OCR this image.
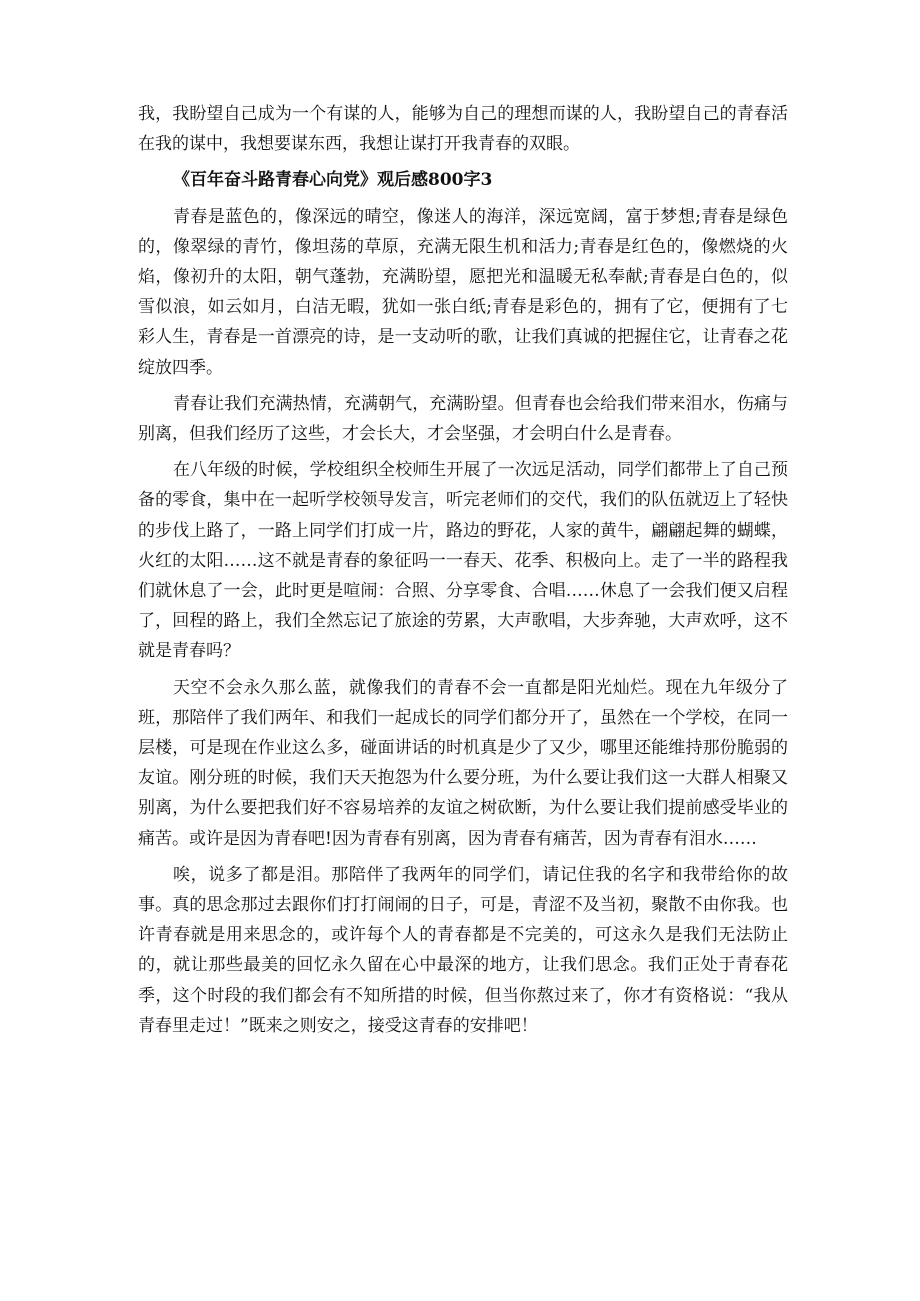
我，我盼望自己成为一个有谋的人，能够为自己的理想而谋的人，我盼望自己的青春活在我的谋中，我想要谋东西，我想让谋打开我青春的双眼。

《百年奋斗路青春心向党》观后感800字3

青春是蓝色的，像深远的晴空，像迷人的海洋，深远宽阔，富于梦想;青春是绿色的，像翠绿的青竹，像坦荡的草原，充满无限生机和活力;青春是红色的，像燃烧的火焰，像初升的太阳，朝气蓬勃，充满盼望，愿把光和温暖无私奉献;青春是白色的，似雪似浪，如云如月，白洁无暇，犹如一张白纸;青春是彩色的，拥有了它，便拥有了七彩人生，青春是一首漂亮的诗，是一支动听的歌，让我们真诚的把握住它，让青春之花绽放四季。

青春让我们充满热情，充满朝气，充满盼望。但青春也会给我们带来泪水，伤痛与别离，但我们经历了这些，才会长大，才会坚强，才会明白什么是青春。

在八年级的时候，学校组织全校师生开展了一次远足活动，同学们都带上了自己预备的零食，集中在一起听学校领导发言，听完老师们的交代，我们的队伍就迈上了轻快的步伐上路了，一路上同学们打成一片，路边的野花，人家的黄牛，翩翩起舞的蝴蝶，火红的太阳……这不就是青春的象征吗一一春天、花季、积极向上。走了一半的路程我们就休息了一会，此时更是喧闹：合照、分享零食、合唱……休息了一会我们便又启程了，回程的路上，我们全然忘记了旅途的劳累，大声歌唱，大步奔驰，大声欢呼，这不就是青春吗？

天空不会永久那么蓝，就像我们的青春不会一直都是阳光灿烂。现在九年级分了班，那陪伴了我们两年、和我们一起成长的同学们都分开了，虽然在一个学校，在同一层楼，可是现在作业这么多，碰面讲话的时机真是少了又少，哪里还能维持那份脆弱的友谊。刚分班的时候，我们天天抱怨为什么要分班，为什么要让我们这一大群人相聚又别离，为什么要把我们好不容易培养的友谊之树砍断，为什么要让我们提前感受毕业的痛苦。或许是因为青春吧!因为青春有别离，因为青春有痛苦，因为青春有泪水……

唉，说多了都是泪。那陪伴了我两年的同学们，请记住我的名字和我带给你的故事。真的思念那过去跟你们打打闹闹的日子，可是，青涩不及当初，聚散不由你我。也许青春就是用来思念的，或许每个人的青春都是不完美的，可这永久是我们无法防止的，就让那些最美的回忆永久留在心中最深的地方，让我们思念。我们正处于青春花季，这个时段的我们都会有不知所措的时候，但当你熬过来了，你才有资格说：“我从青春里走过！”既来之则安之，接受这青春的安排吧！
